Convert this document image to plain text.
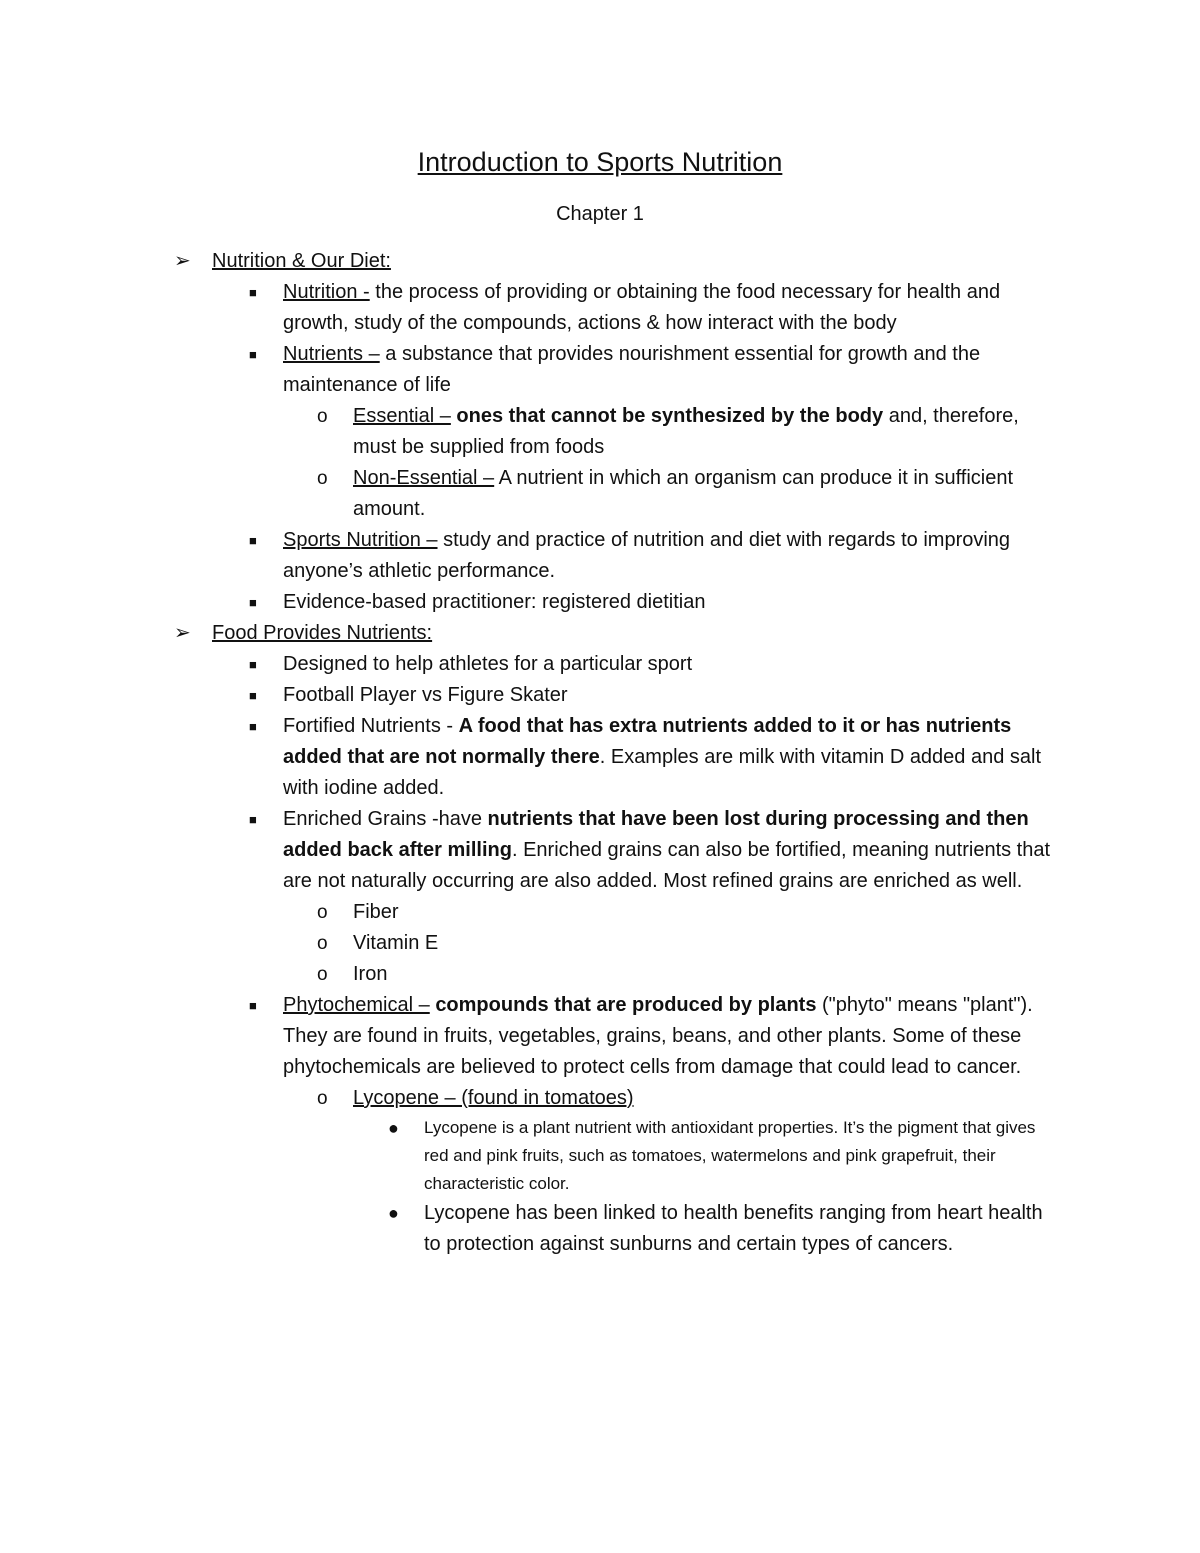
Introduction to Sports Nutrition
Chapter 1
➢ Nutrition & Our Diet:
■ Nutrition - the process of providing or obtaining the food necessary for health and growth, study of the compounds, actions & how interact with the body
■ Nutrients – a substance that provides nourishment essential for growth and the maintenance of life
o Essential – ones that cannot be synthesized by the body and, therefore, must be supplied from foods
o Non-Essential – A nutrient in which an organism can produce it in sufficient amount.
■ Sports Nutrition – study and practice of nutrition and diet with regards to improving anyone’s athletic performance.
■ Evidence-based practitioner: registered dietitian
➢ Food Provides Nutrients:
■ Designed to help athletes for a particular sport
■ Football Player vs Figure Skater
■ Fortified Nutrients - A food that has extra nutrients added to it or has nutrients added that are not normally there. Examples are milk with vitamin D added and salt with iodine added.
■ Enriched Grains -have nutrients that have been lost during processing and then added back after milling. Enriched grains can also be fortified, meaning nutrients that are not naturally occurring are also added. Most refined grains are enriched as well.
o Fiber
o Vitamin E
o Iron
■ Phytochemical – compounds that are produced by plants ("phyto" means "plant"). They are found in fruits, vegetables, grains, beans, and other plants. Some of these phytochemicals are believed to protect cells from damage that could lead to cancer.
o Lycopene – (found in tomatoes)
● Lycopene is a plant nutrient with antioxidant properties. It’s the pigment that gives red and pink fruits, such as tomatoes, watermelons and pink grapefruit, their characteristic color.
● Lycopene has been linked to health benefits ranging from heart health to protection against sunburns and certain types of cancers.
